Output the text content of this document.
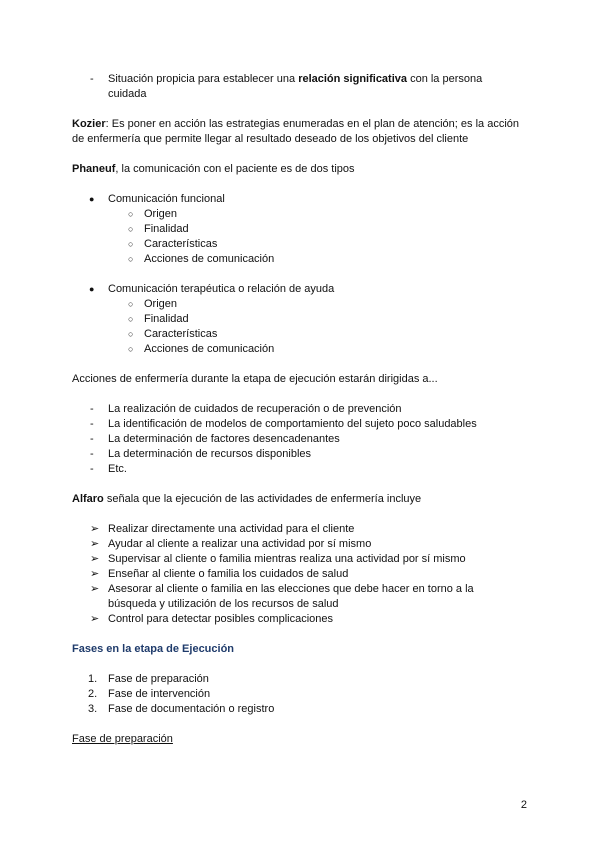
- Situación propicia para establecer una relación significativa con la persona cuidada
Kozier: Es poner en acción las estrategias enumeradas en el plan de atención; es la acción de enfermería que permite llegar al resultado deseado de los objetivos del cliente
Phaneuf, la comunicación con el paciente es de dos tipos
● Comunicación funcional
○ Origen
○ Finalidad
○ Características
○ Acciones de comunicación
● Comunicación terapéutica o relación de ayuda
○ Origen
○ Finalidad
○ Características
○ Acciones de comunicación
Acciones de enfermería durante la etapa de ejecución estarán dirigidas a...
- La realización de cuidados de recuperación o de prevención
- La identificación de modelos de comportamiento del sujeto poco saludables
- La determinación de factores desencadenantes
- La determinación de recursos disponibles
- Etc.
Alfaro señala que la ejecución de las actividades de enfermería incluye
➢ Realizar directamente una actividad para el cliente
➢ Ayudar al cliente a realizar una actividad por sí mismo
➢ Supervisar al cliente o familia mientras realiza una actividad por sí mismo
➢ Enseñar al cliente o familia los cuidados de salud
➢ Asesorar al cliente o familia en las elecciones que debe hacer en torno a la búsqueda y utilización de los recursos de salud
➢ Control para detectar posibles complicaciones
Fases en la etapa de Ejecución
1. Fase de preparación
2. Fase de intervención
3. Fase de documentación o registro
Fase de preparación
2
